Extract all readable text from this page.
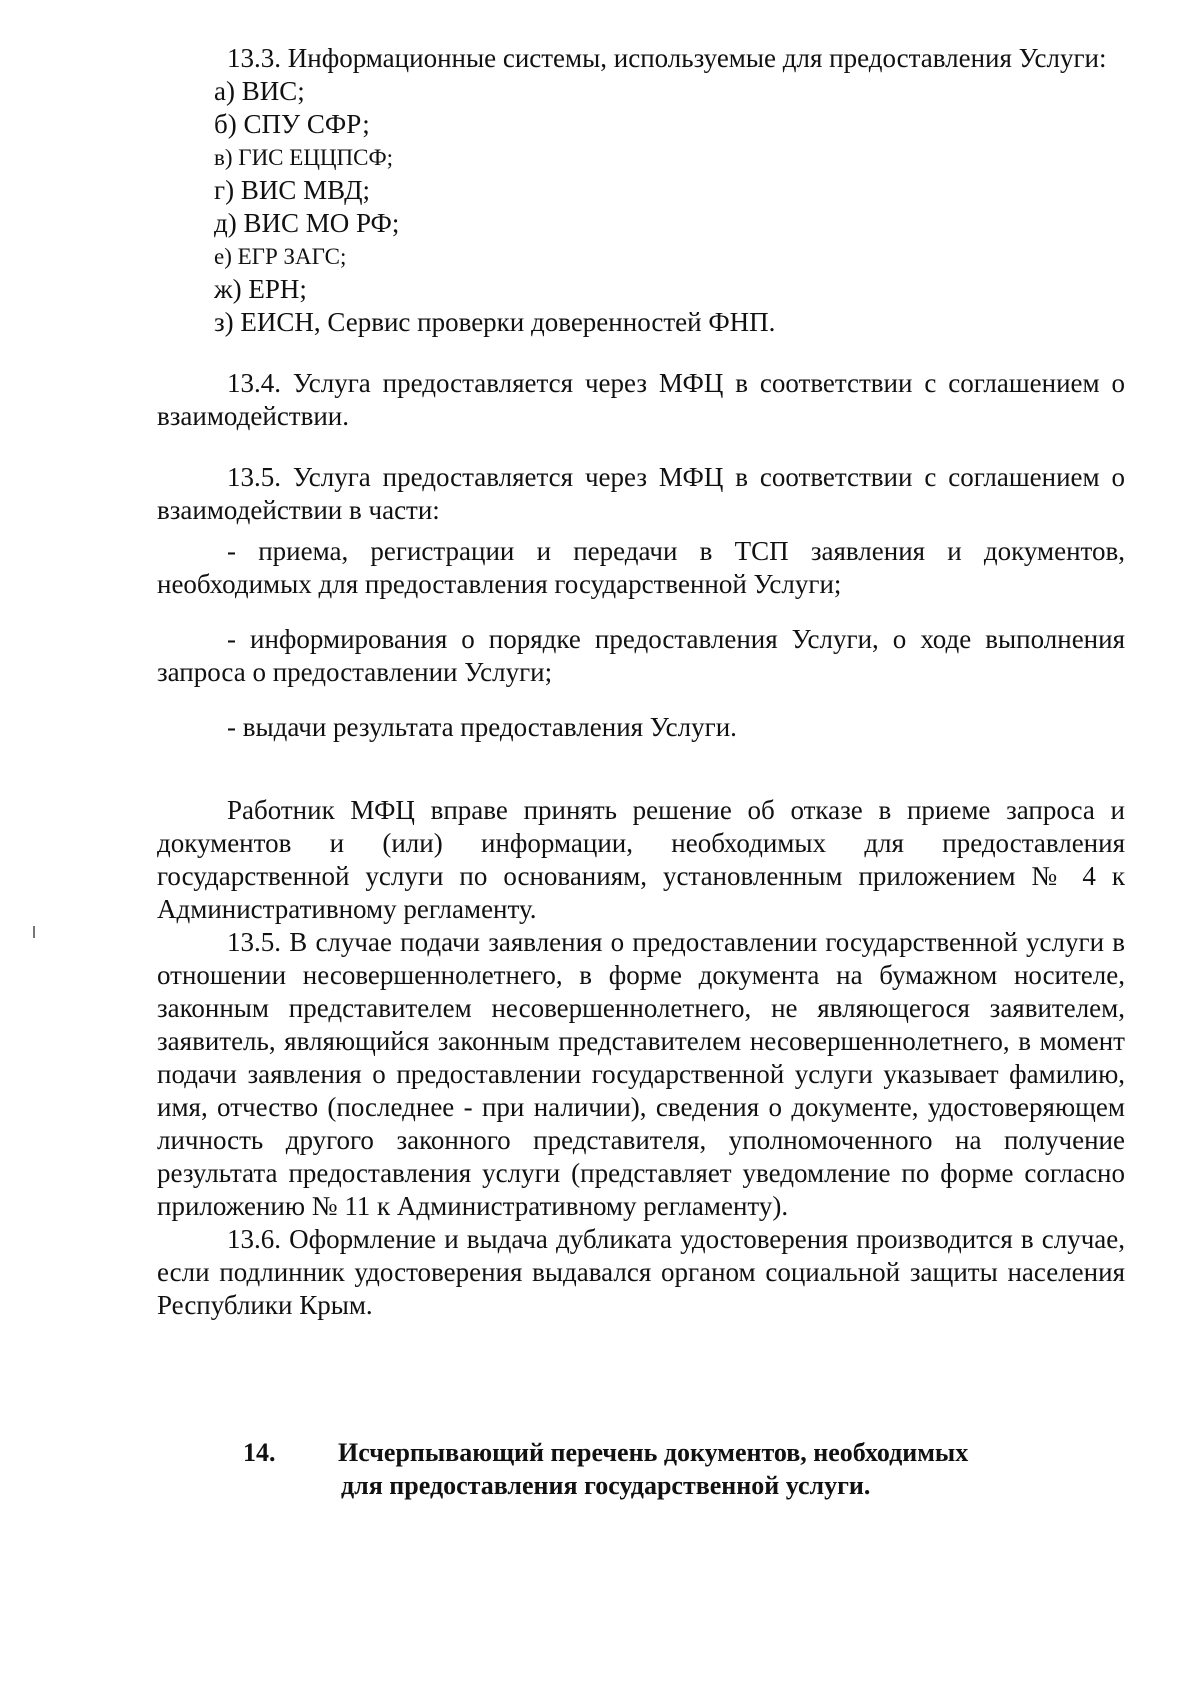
13.3. Информационные системы, используемые для предоставления Услуги:

а) ВИС;
б) СПУ СФР;
в) ГИС ЕЦЦПСФ;
г) ВИС МВД;
д) ВИС МО РФ;
е) ЕГР ЗАГС;
ж) ЕРН;
з) ЕИСН, Сервис проверки доверенностей ФНП.

13.4. Услуга предоставляется через МФЦ в соответствии с соглашением о взаимодействии.

13.5. Услуга предоставляется через МФЦ в соответствии с соглашением о взаимодействии в части:

- приема, регистрации и передачи в ТСП заявления и документов, необходимых для предоставления государственной Услуги;

- информирования о порядке предоставления Услуги, о ходе выполнения запроса о предоставлении Услуги;

- выдачи результата предоставления Услуги.

Работник МФЦ вправе принять решение об отказе в приеме запроса и документов и (или) информации, необходимых для предоставления государственной услуги по основаниям, установленным приложением № 4 к Административному регламенту.

13.5. В случае подачи заявления о предоставлении государственной услуги в отношении несовершеннолетнего, в форме документа на бумажном носителе, законным представителем несовершеннолетнего, не являющегося заявителем, заявитель, являющийся законным представителем несовершеннолетнего, в момент подачи заявления о предоставлении государственной услуги указывает фамилию, имя, отчество (последнее - при наличии), сведения о документе, удостоверяющем личность другого законного представителя, уполномоченного на получение результата предоставления услуги (представляет уведомление по форме согласно приложению № 11 к Административному регламенту).

13.6. Оформление и выдача дубликата удостоверения производится в случае, если подлинник удостоверения выдавался органом социальной защиты населения Республики Крым.

14. Исчерпывающий перечень документов, необходимых
для предоставления государственной услуги.
